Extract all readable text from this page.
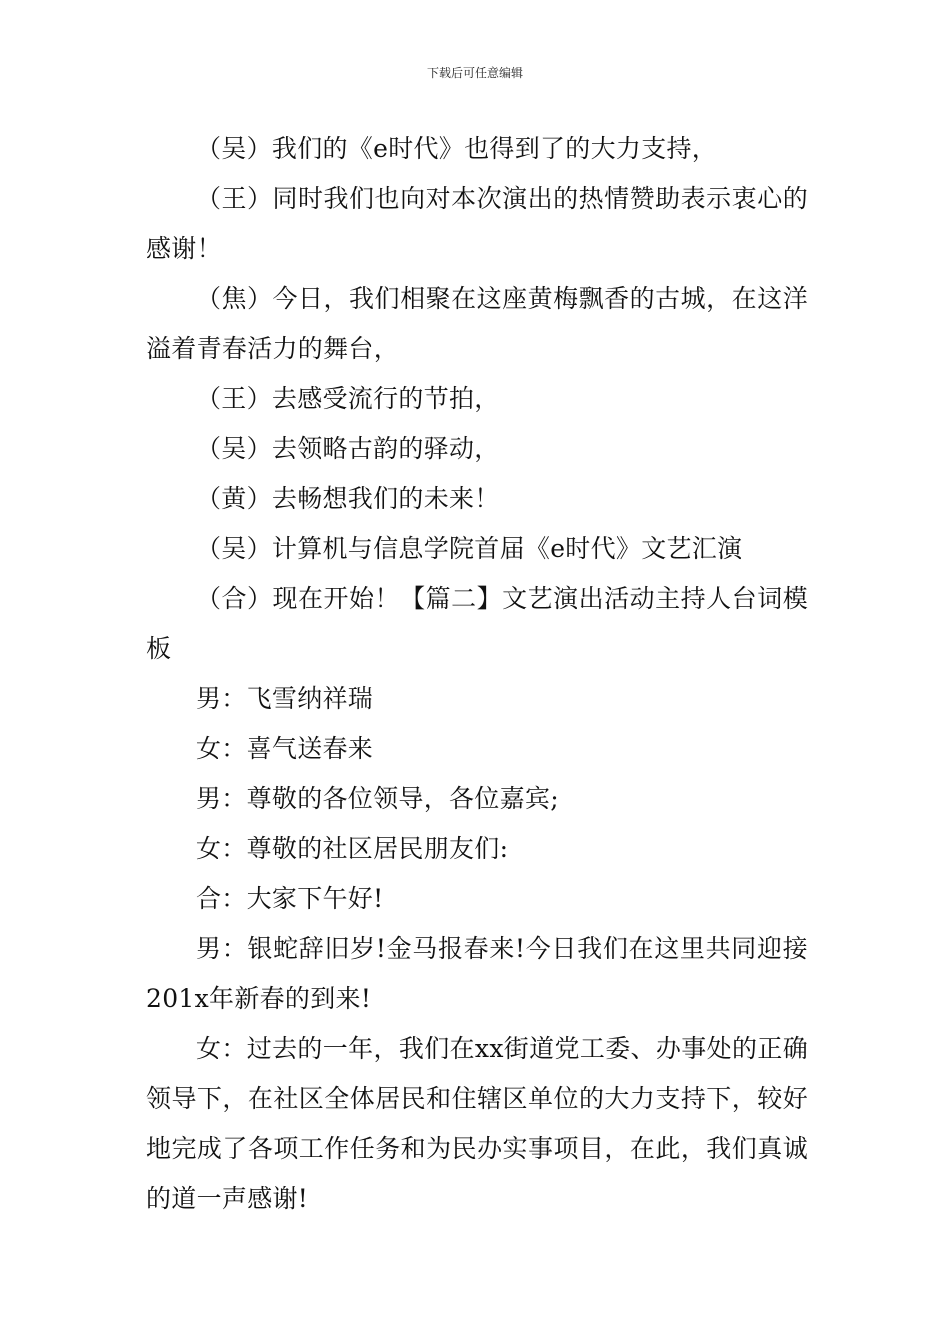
下载后可任意编辑

（吴）我们的《e时代》也得到了的大力支持，

（王）同时我们也向对本次演出的热情赞助表示衷心的感谢！

（焦）今日，我们相聚在这座黄梅飘香的古城，在这洋溢着青春活力的舞台，

（王）去感受流行的节拍，

（吴）去领略古韵的驿动，

（黄）去畅想我们的未来！

（吴）计算机与信息学院首届《e时代》文艺汇演

（合）现在开始！【篇二】文艺演出活动主持人台词模板

男：飞雪纳祥瑞

女：喜气送春来

男：尊敬的各位领导，各位嘉宾;

女：尊敬的社区居民朋友们:

合：大家下午好!

男：银蛇辞旧岁!金马报春来!今日我们在这里共同迎接201x年新春的到来!

女：过去的一年，我们在xx街道党工委、办事处的正确领导下，在社区全体居民和住辖区单位的大力支持下，较好地完成了各项工作任务和为民办实事项目，在此，我们真诚的道一声感谢!
